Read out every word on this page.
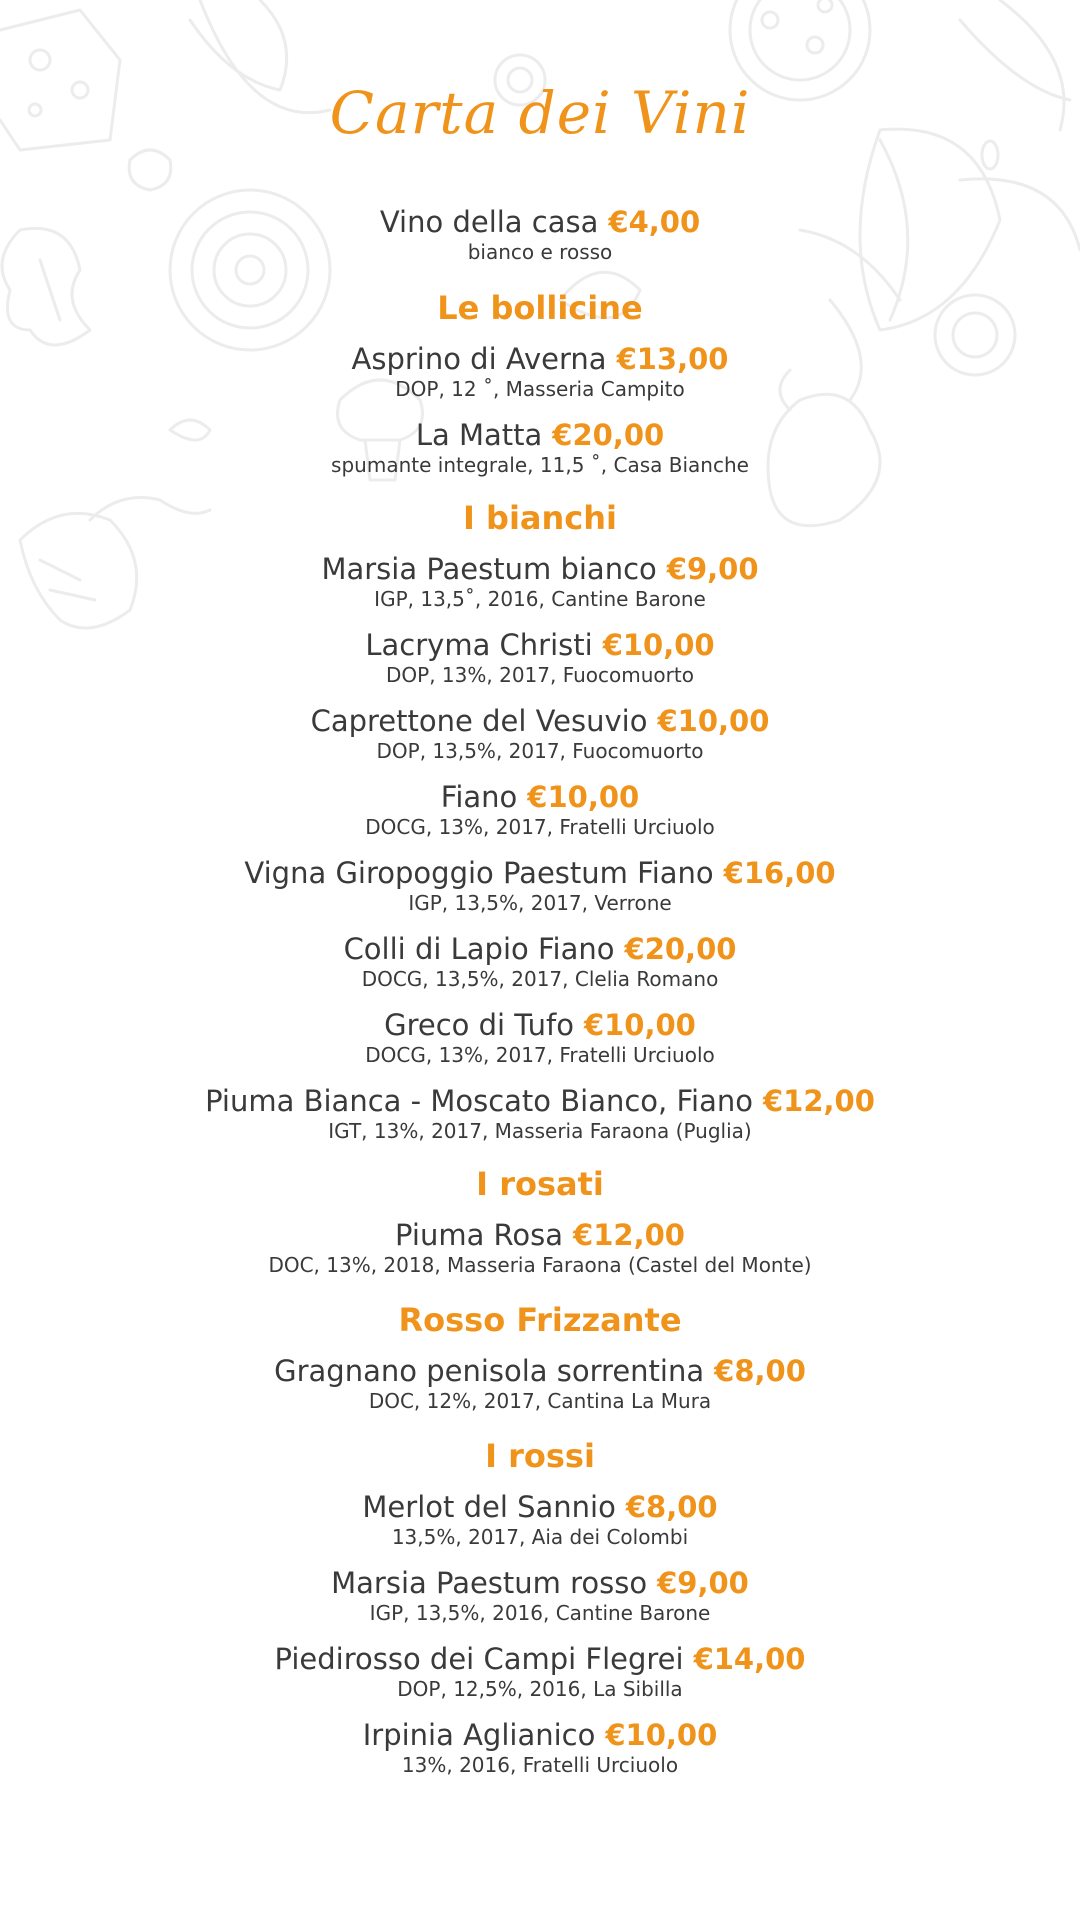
Carta dei Vini
Vino della casa €4,00
bianco e rosso
Le bollicine
Asprino di Averna €13,00
DOP, 12 ˚, Masseria Campito
La Matta €20,00
spumante integrale, 11,5 ˚, Casa Bianche
I bianchi
Marsia Paestum bianco €9,00
IGP, 13,5˚, 2016, Cantine Barone
Lacryma Christi €10,00
DOP, 13%, 2017, Fuocomuorto
Caprettone del Vesuvio €10,00
DOP, 13,5%, 2017, Fuocomuorto
Fiano €10,00
DOCG, 13%, 2017, Fratelli Urciuolo
Vigna Giropoggio Paestum Fiano €16,00
IGP, 13,5%, 2017, Verrone
Colli di Lapio Fiano €20,00
DOCG, 13,5%, 2017, Clelia Romano
Greco di Tufo €10,00
DOCG, 13%, 2017, Fratelli Urciuolo
Piuma Bianca - Moscato Bianco, Fiano €12,00
IGT, 13%, 2017, Masseria Faraona (Puglia)
I rosati
Piuma Rosa €12,00
DOC, 13%, 2018, Masseria Faraona (Castel del Monte)
Rosso Frizzante
Gragnano penisola sorrentina €8,00
DOC, 12%, 2017, Cantina La Mura
I rossi
Merlot del Sannio €8,00
13,5%, 2017, Aia dei Colombi
Marsia Paestum rosso €9,00
IGP, 13,5%, 2016, Cantine Barone
Piedirosso dei Campi Flegrei €14,00
DOP, 12,5%, 2016, La Sibilla
Irpinia Aglianico €10,00
13%, 2016, Fratelli Urciuolo
